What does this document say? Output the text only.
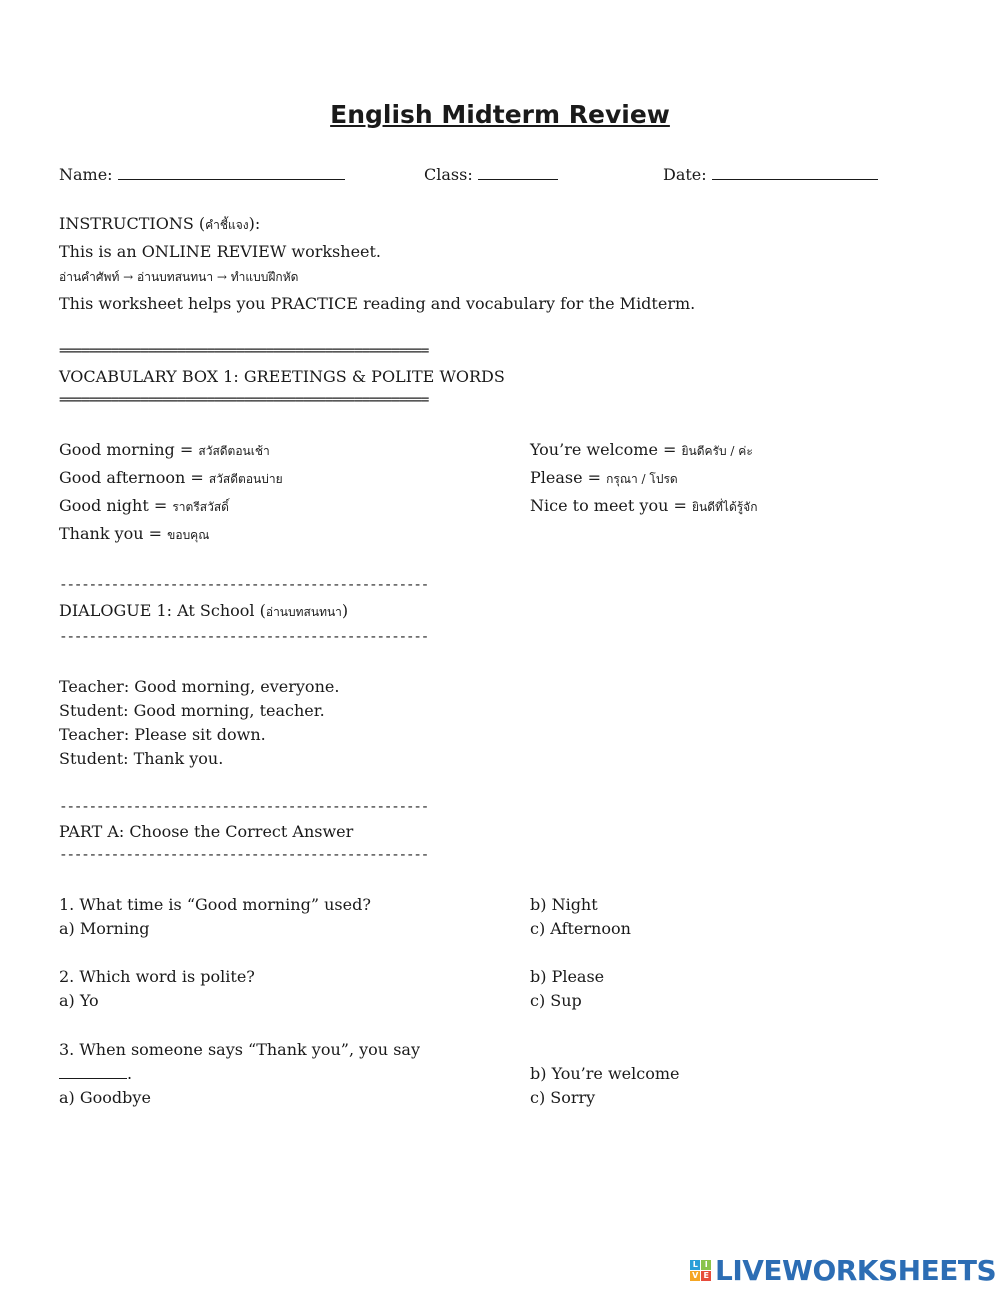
English Midterm Review
Name:	Class:	Date:
INSTRUCTIONS (คำชี้แจง):
This is an ONLINE REVIEW worksheet.
อ่านคำศัพท์ → อ่านบทสนทนา → ทำแบบฝึกหัด
This worksheet helps you PRACTICE reading and vocabulary for the Midterm.
==================================================
VOCABULARY BOX 1: GREETINGS & POLITE WORDS
==================================================
Good morning = สวัสดีตอนเช้า
Good afternoon = สวัสดีตอนบ่าย
Good night = ราตรีสวัสดิ์
Thank you = ขอบคุณ
You’re welcome = ยินดีครับ / ค่ะ
Please = กรุณา / โปรด
Nice to meet you = ยินดีที่ได้รู้จัก
--------------------------------------------------
DIALOGUE 1: At School (อ่านบทสนทนา)
--------------------------------------------------
Teacher: Good morning, everyone.
Student: Good morning, teacher.
Teacher: Please sit down.
Student: Thank you.
--------------------------------------------------
PART A: Choose the Correct Answer
--------------------------------------------------
1. What time is “Good morning” used?
a) Morning
b) Night
c) Afternoon
2. Which word is polite?
a) Yo
b) Please
c) Sup
3. When someone says “Thank you”, you say
.
a) Goodbye
b) You’re welcome
c) Sorry
L I
V E LIVEWORKSHEETS
